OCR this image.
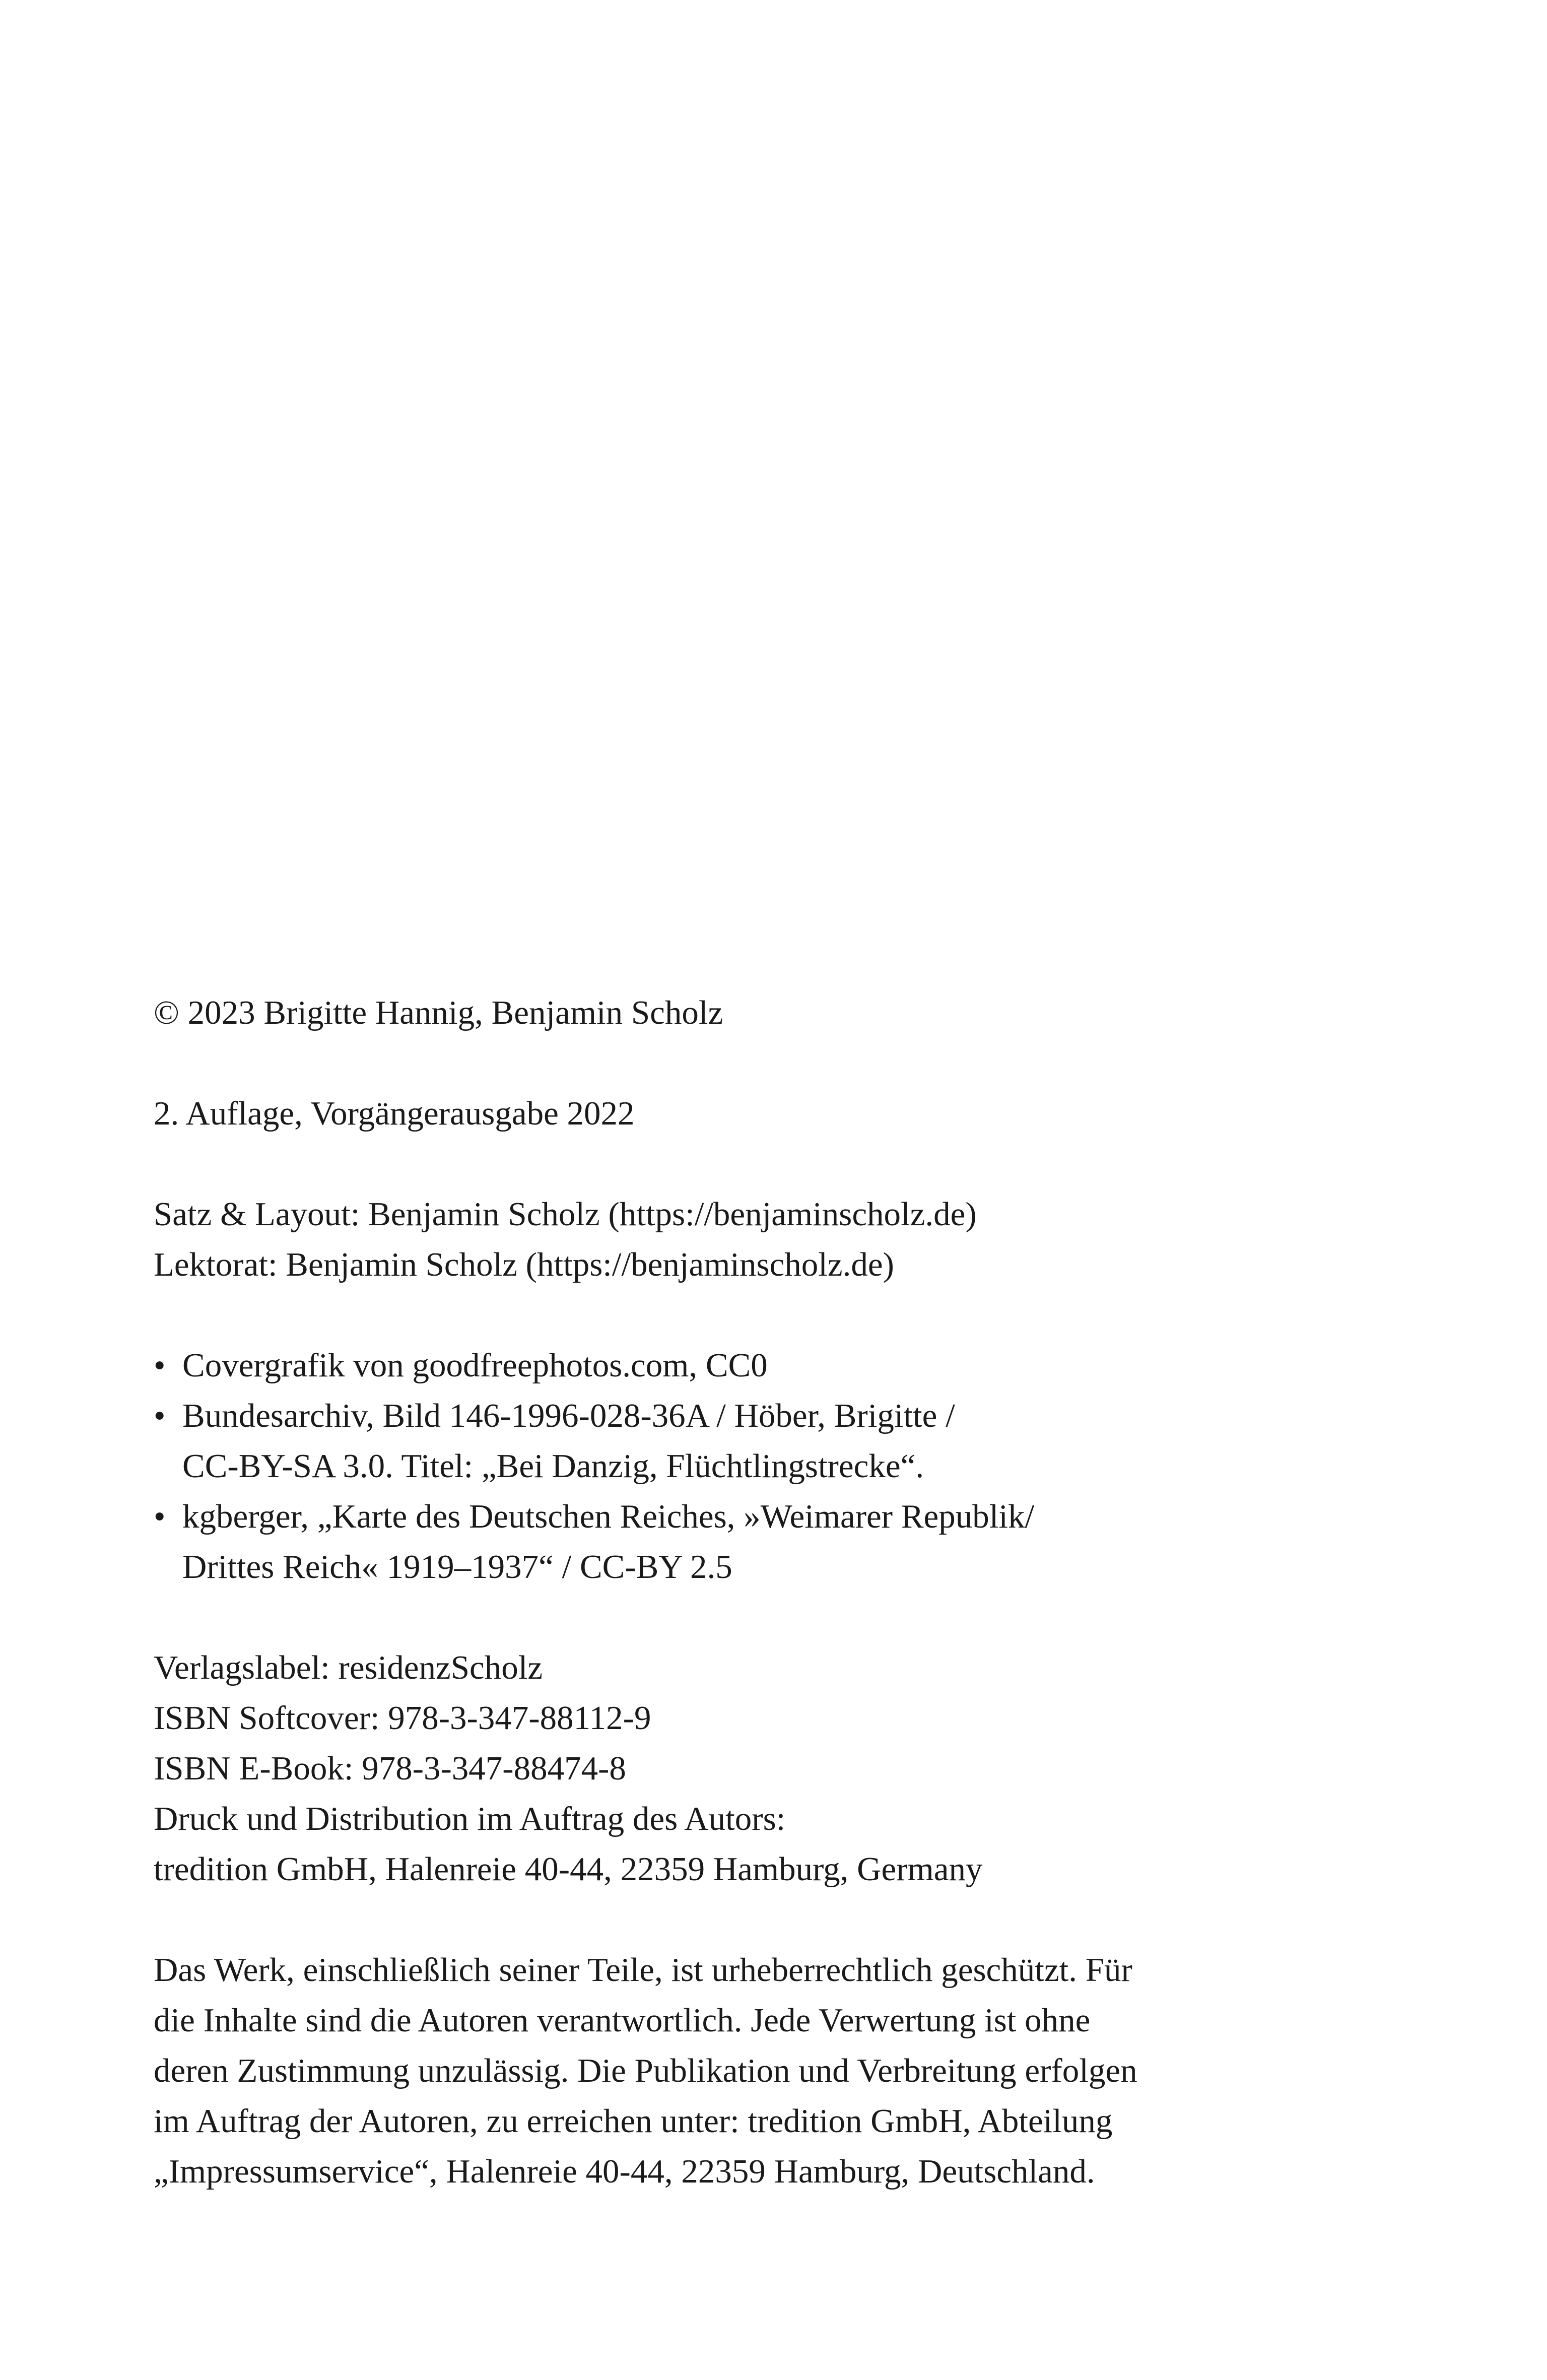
© 2023 Brigitte Hannig, Benjamin Scholz
2. Auflage, Vorgängerausgabe 2022
Satz & Layout: Benjamin Scholz (https://benjaminscholz.de)
Lektorat: Benjamin Scholz (https://benjaminscholz.de)
• Covergrafik von goodfreephotos.com, CC0
• Bundesarchiv, Bild 146-1996-028-36A / Höber, Brigitte /
CC-BY-SA 3.0. Titel: „Bei Danzig, Flüchtlingstrecke“.
• kgberger, „Karte des Deutschen Reiches, »Weimarer Republik/
Drittes Reich« 1919–1937“ / CC-BY 2.5
Verlagslabel: residenzScholz
ISBN Softcover: 978-3-347-88112-9
ISBN E-Book: 978-3-347-88474-8
Druck und Distribution im Auftrag des Autors:
tredition GmbH, Halenreie 40-44, 22359 Hamburg, Germany
Das Werk, einschließlich seiner Teile, ist urheberrechtlich geschützt. Für
die Inhalte sind die Autoren verantwortlich. Jede Verwertung ist ohne
deren Zustimmung unzulässig. Die Publikation und Verbreitung erfolgen
im Auftrag der Autoren, zu erreichen unter: tredition GmbH, Abteilung
„Impressumservice“, Halenreie 40-44, 22359 Hamburg, Deutschland.
